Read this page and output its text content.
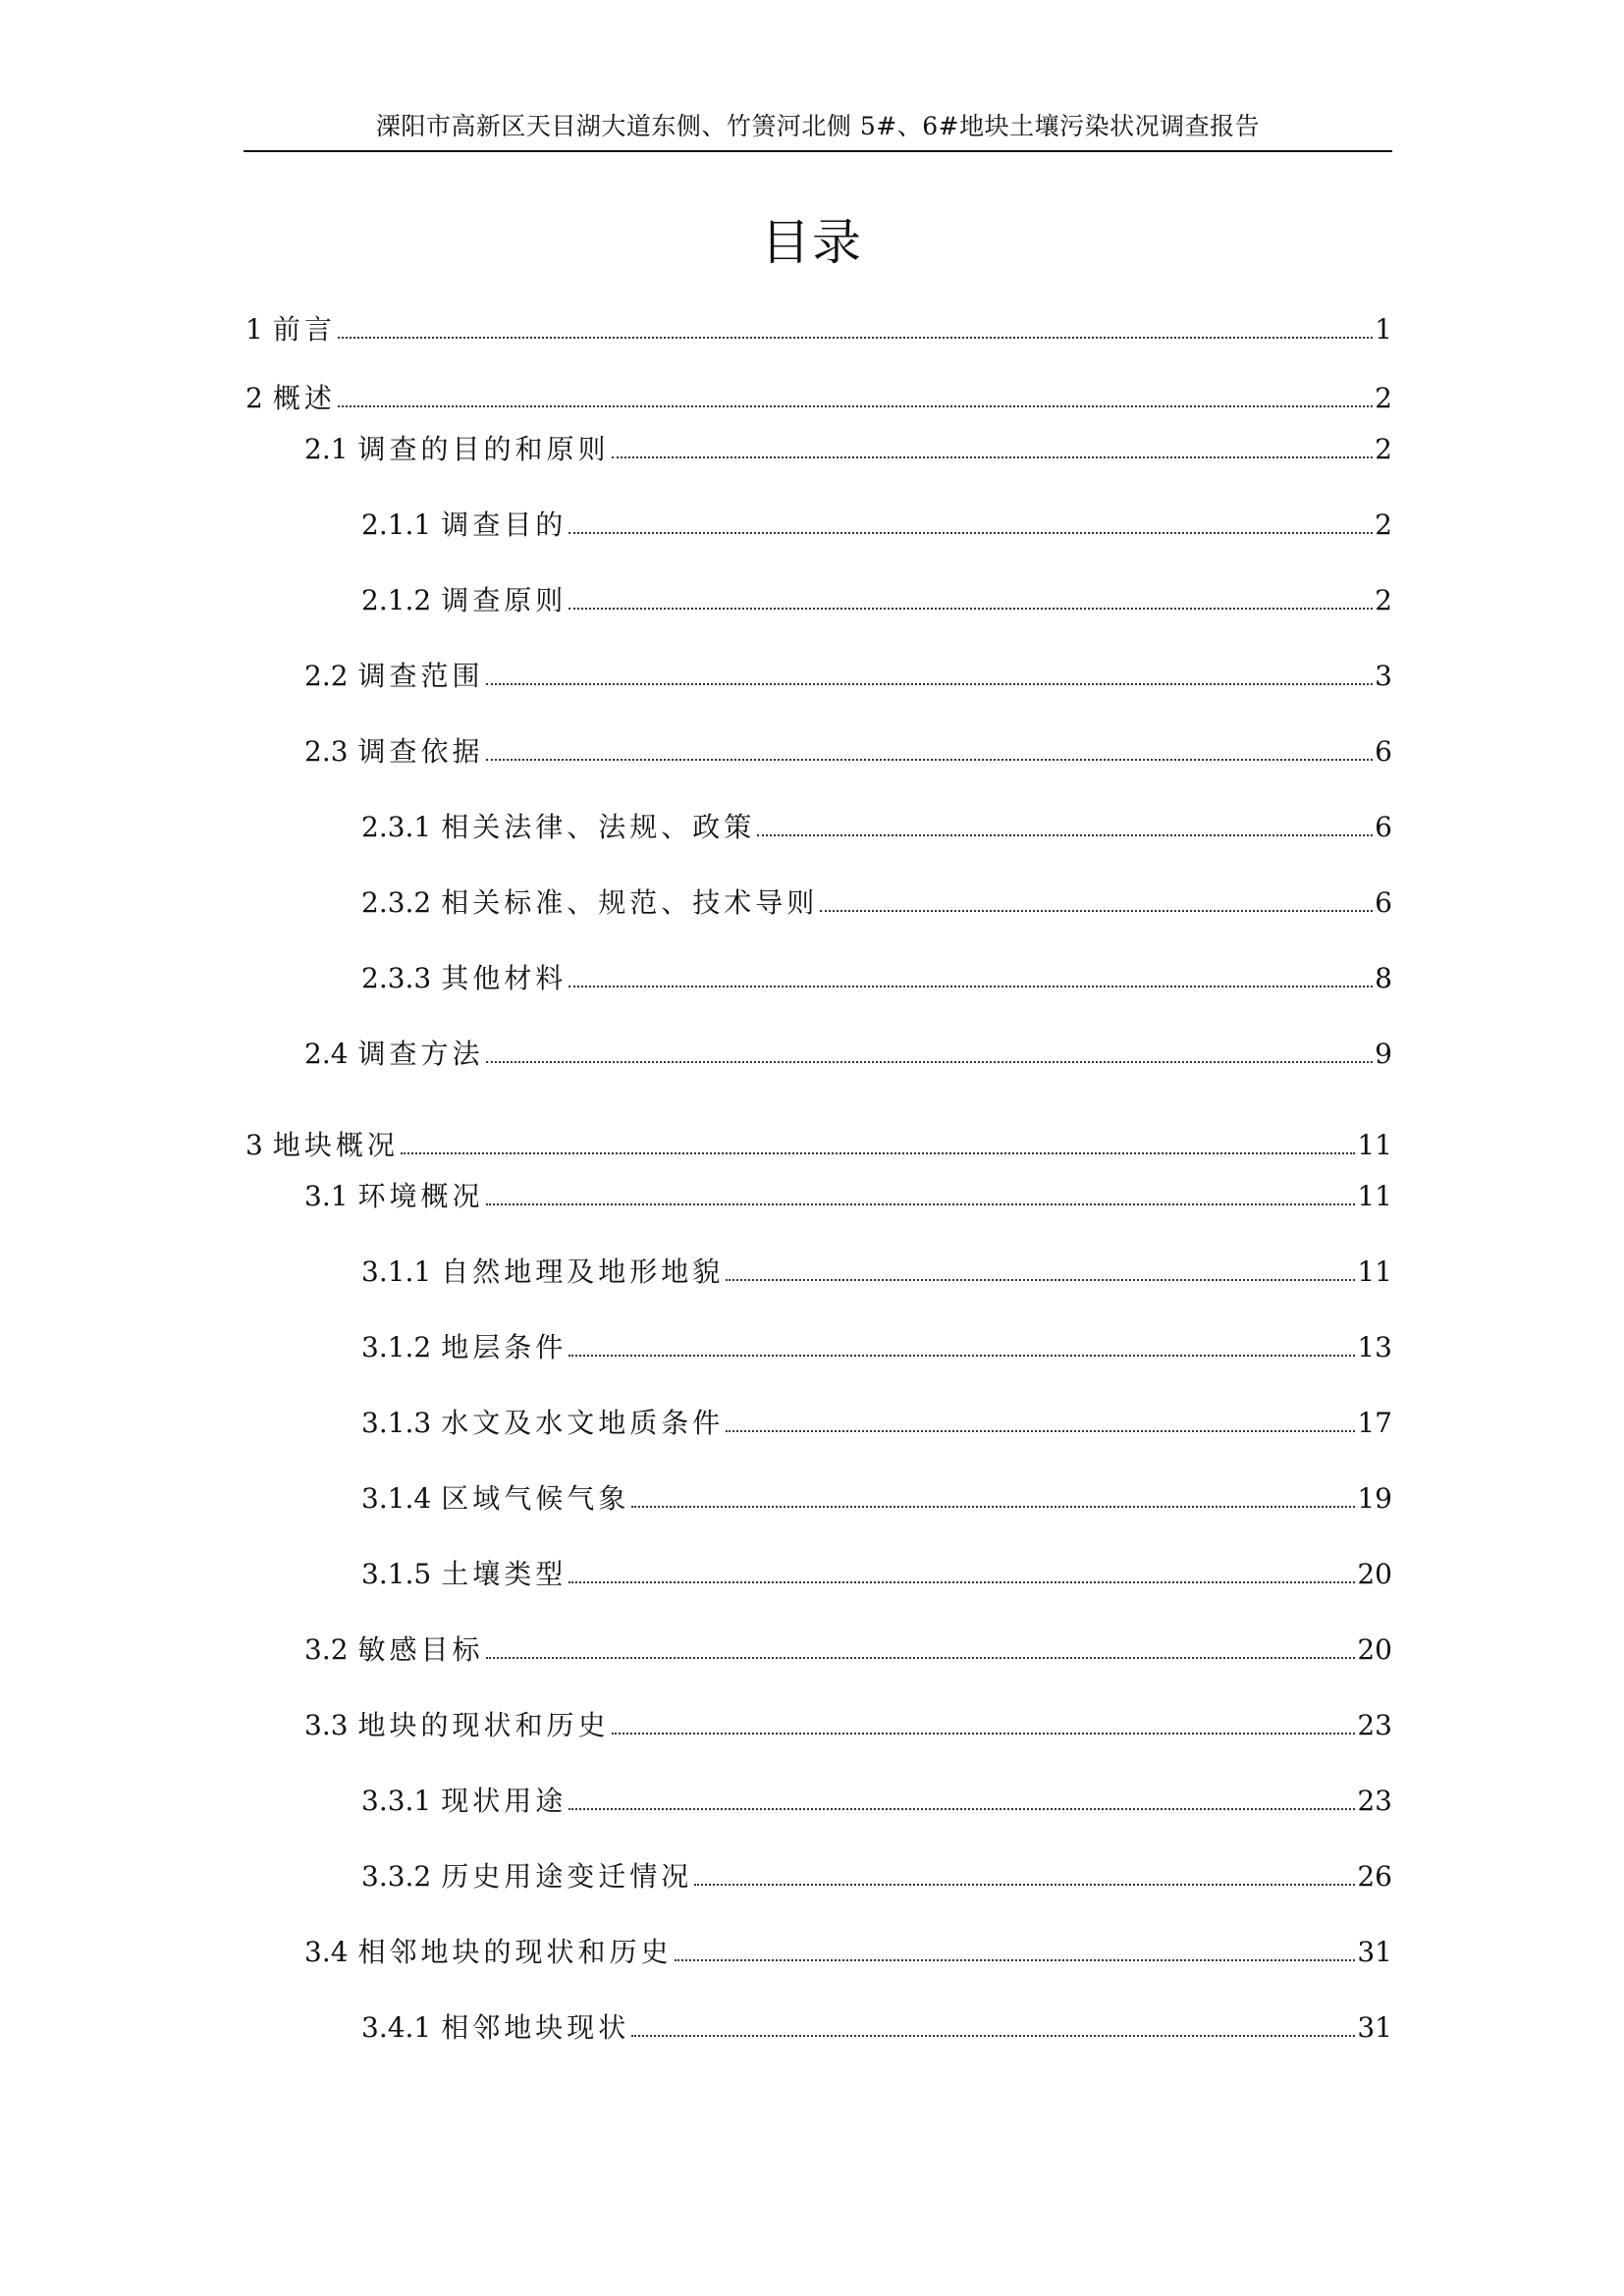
溧阳市高新区天目湖大道东侧、竹箦河北侧 5#、6#地块土壤污染状况调查报告
目录
1 前言	1
2 概述	2
2.1 调查的目的和原则	2
2.1.1 调查目的	2
2.1.2 调查原则	2
2.2 调查范围	3
2.3 调查依据	6
2.3.1 相关法律、法规、政策	6
2.3.2 相关标准、规范、技术导则	6
2.3.3 其他材料	8
2.4 调查方法	9
3 地块概况	11
3.1 环境概况	11
3.1.1 自然地理及地形地貌	11
3.1.2 地层条件	13
3.1.3 水文及水文地质条件	17
3.1.4 区域气候气象	19
3.1.5 土壤类型	20
3.2 敏感目标	20
3.3 地块的现状和历史	23
3.3.1 现状用途	23
3.3.2 历史用途变迁情况	26
3.4 相邻地块的现状和历史	31
3.4.1 相邻地块现状	31
